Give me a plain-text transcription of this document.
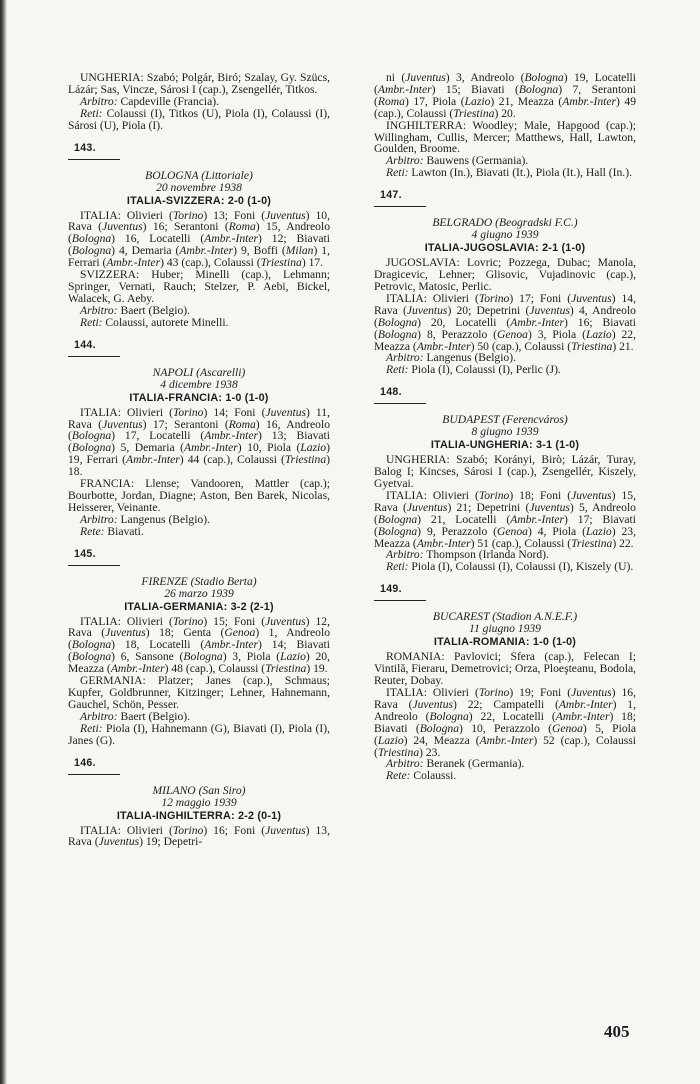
UNGHERIA: Szabó; Polgár, Biró; Szalay, Gy. Szücs, Lázár; Sas, Vincze, Sárosi I (cap.), Zsengellér, Titkos.

Arbitro: Capdeville (Francia).

Reti: Colaussi (I), Titkos (U), Piola (I), Colaussi (I), Sárosi (U), Piola (I).

143.

BOLOGNA (Littoriale)

20 novembre 1938

ITALIA-SVIZZERA: 2-0 (1-0)

ITALIA: Olivieri (Torino) 13; Foni (Juventus) 10, Rava (Juventus) 16; Serantoni (Roma) 15, Andreolo (Bologna) 16, Locatelli (Ambr.-Inter) 12; Biavati (Bologna) 4, Demaria (Ambr.-Inter) 9, Boffi (Milan) 1, Ferrari (Ambr.-Inter) 43 (cap.), Colaussi (Triestina) 17.

SVIZZERA: Huber; Minelli (cap.), Lehmann; Springer, Vernati, Rauch; Stelzer, P. Aebi, Bickel, Walacek, G. Aeby.

Arbitro: Baert (Belgio).

Reti: Colaussi, autorete Minelli.

144.

NAPOLI (Ascarelli)

4 dicembre 1938

ITALIA-FRANCIA: 1-0 (1-0)

ITALIA: Olivieri (Torino) 14; Foni (Juventus) 11, Rava (Juventus) 17; Serantoni (Roma) 16, Andreolo (Bologna) 17, Locatelli (Ambr.-Inter) 13; Biavati (Bologna) 5, Demaria (Ambr.-Inter) 10, Piola (Lazio) 19, Ferrari (Ambr.-Inter) 44 (cap.), Colaussi (Triestina) 18.

FRANCIA: Llense; Vandooren, Mattler (cap.); Bourbotte, Jordan, Diagne; Aston, Ben Barek, Nicolas, Heisserer, Veinante.

Arbitro: Langenus (Belgio).

Rete: Biavati.

145.

FIRENZE (Stadio Berta)

26 marzo 1939

ITALIA-GERMANIA: 3-2 (2-1)

ITALIA: Olivieri (Torino) 15; Foni (Juventus) 12, Rava (Juventus) 18; Genta (Genoa) 1, Andreolo (Bologna) 18, Locatelli (Ambr.-Inter) 14; Biavati (Bologna) 6, Sansone (Bologna) 3, Piola (Lazio) 20, Meazza (Ambr.-Inter) 48 (cap.), Colaussi (Triestina) 19.

GERMANIA: Platzer; Janes (cap.), Schmaus; Kupfer, Goldbrunner, Kitzinger; Lehner, Hahnemann, Gauchel, Schön, Pesser.

Arbitro: Baert (Belgio).

Reti: Piola (I), Hahnemann (G), Biavati (I), Piola (I), Janes (G).

146.

MILANO (San Siro)

12 maggio 1939

ITALIA-INGHILTERRA: 2-2 (0-1)

ITALIA: Olivieri (Torino) 16; Foni (Juventus) 13, Rava (Juventus) 19; Depetri-

ni (Juventus) 3, Andreolo (Bologna) 19, Locatelli (Ambr.-Inter) 15; Biavati (Bologna) 7, Serantoni (Roma) 17, Piola (Lazio) 21, Meazza (Ambr.-Inter) 49 (cap.), Colaussi (Triestina) 20.

INGHILTERRA: Woodley; Male, Hapgood (cap.); Willingham, Cullis, Mercer; Matthews, Hall, Lawton, Goulden, Broome.

Arbitro: Bauwens (Germania).

Reti: Lawton (In.), Biavati (It.), Piola (It.), Hall (In.).

147.

BELGRADO (Beogradski F.C.)

4 giugno 1939

ITALIA-JUGOSLAVIA: 2-1 (1-0)

JUGOSLAVIA: Lovric; Pozzega, Dubac; Manola, Dragicevic, Lehner; Glisovic, Vujadinovic (cap.), Petrovic, Matosic, Perlic.

ITALIA: Olivieri (Torino) 17; Foni (Juventus) 14, Rava (Juventus) 20; Depetrini (Juventus) 4, Andreolo (Bologna) 20, Locatelli (Ambr.-Inter) 16; Biavati (Bologna) 8, Perazzolo (Genoa) 3, Piola (Lazio) 22, Meazza (Ambr.-Inter) 50 (cap.), Colaussi (Triestina) 21.

Arbitro: Langenus (Belgio).

Reti: Piola (I), Colaussi (I), Perlic (J).

148.

BUDAPEST (Ferencváros)

8 giugno 1939

ITALIA-UNGHERIA: 3-1 (1-0)

UNGHERIA: Szabó; Korányi, Birò; Lázár, Turay, Balog I; Kincses, Sárosi I (cap.), Zsengellér, Kiszely, Gyetvai.

ITALIA: Olivieri (Torino) 18; Foni (Juventus) 15, Rava (Juventus) 21; Depetrini (Juventus) 5, Andreolo (Bologna) 21, Locatelli (Ambr.-Inter) 17; Biavati (Bologna) 9, Perazzolo (Genoa) 4, Piola (Lazio) 23, Meazza (Ambr.-Inter) 51 (cap.), Colaussi (Triestina) 22.

Arbitro: Thompson (Irlanda Nord).

Reti: Piola (I), Colaussi (I), Colaussi (I), Kiszely (U).

149.

BUCAREST (Stadion A.N.E.F.)

11 giugno 1939

ITALIA-ROMANIA: 1-0 (1-0)

ROMANIA: Pavlovici; Sfera (cap.), Felecan I; Vintilă, Fieraru, Demetrovici; Orza, Ploeşteanu, Bodola, Reuter, Dobay.

ITALIA: Olivieri (Torino) 19; Foni (Juventus) 16, Rava (Juventus) 22; Campatelli (Ambr.-Inter) 1, Andreolo (Bologna) 22, Locatelli (Ambr.-Inter) 18; Biavati (Bologna) 10, Perazzolo (Genoa) 5, Piola (Lazio) 24, Meazza (Ambr.-Inter) 52 (cap.), Colaussi (Triestina) 23.

Arbitro: Beranek (Germania).

Rete: Colaussi.

405
